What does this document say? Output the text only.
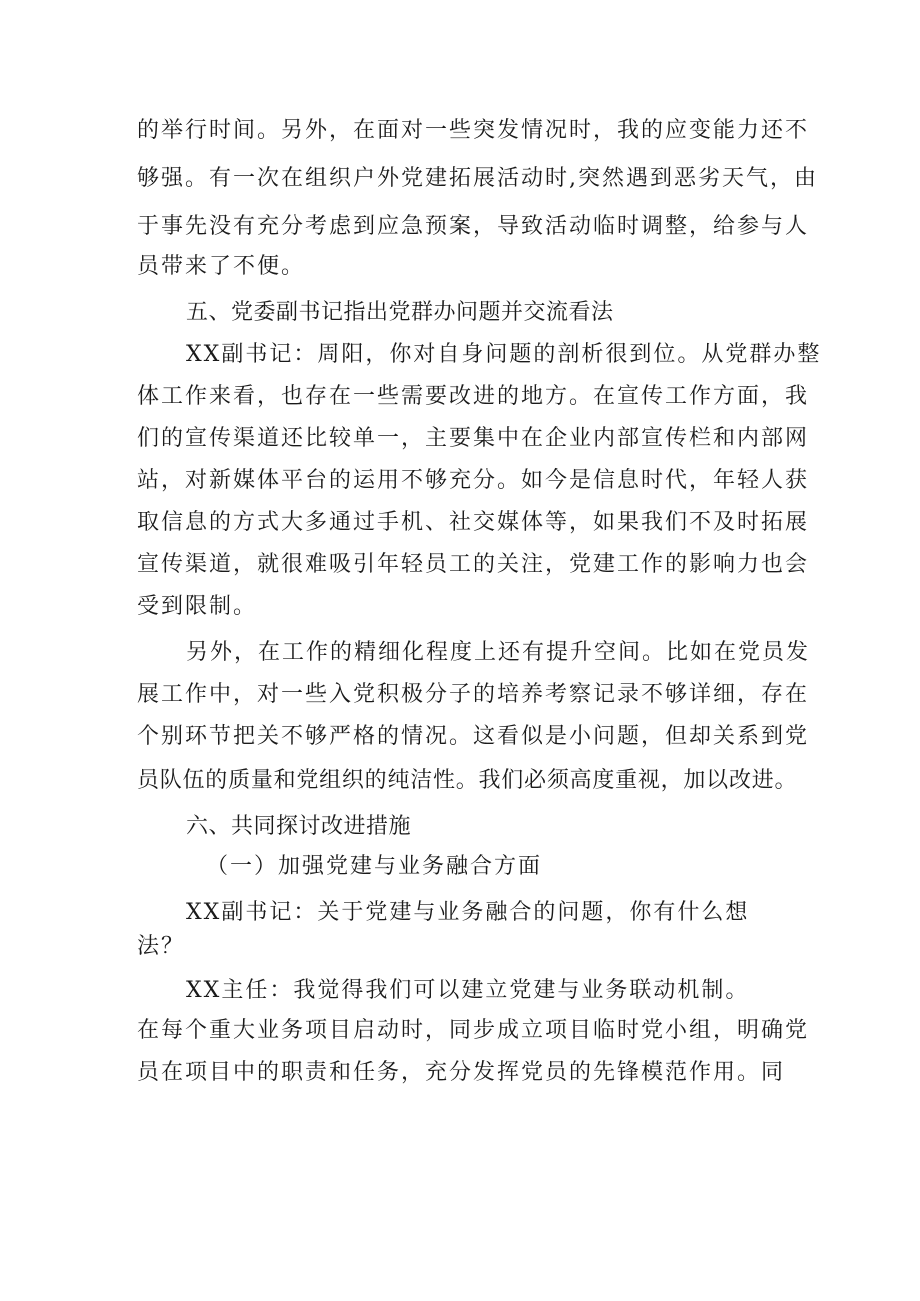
的举行时间。另外，在面对一些突发情况时，我的应变能力还不
够强。有一次在组织户外党建拓展活动时,突然遇到恶劣天气，由
于事先没有充分考虑到应急预案，导致活动临时调整，给参与人
员带来了不便。
五、党委副书记指出党群办问题并交流看法
XX副书记：周阳，你对自身问题的剖析很到位。从党群办整
体工作来看，也存在一些需要改进的地方。在宣传工作方面，我
们的宣传渠道还比较单一，主要集中在企业内部宣传栏和内部网
站，对新媒体平台的运用不够充分。如今是信息时代，年轻人获
取信息的方式大多通过手机、社交媒体等，如果我们不及时拓展
宣传渠道，就很难吸引年轻员工的关注，党建工作的影响力也会
受到限制。
另外，在工作的精细化程度上还有提升空间。比如在党员发
展工作中，对一些入党积极分子的培养考察记录不够详细，存在
个别环节把关不够严格的情况。这看似是小问题，但却关系到党
员队伍的质量和党组织的纯洁性。我们必须高度重视，加以改进。
六、共同探讨改进措施
（一）加强党建与业务融合方面
XX副书记：关于党建与业务融合的问题，你有什么想
法？
XX主任：我觉得我们可以建立党建与业务联动机制。
在每个重大业务项目启动时，同步成立项目临时党小组，明确党
员在项目中的职责和任务，充分发挥党员的先锋模范作用。同
